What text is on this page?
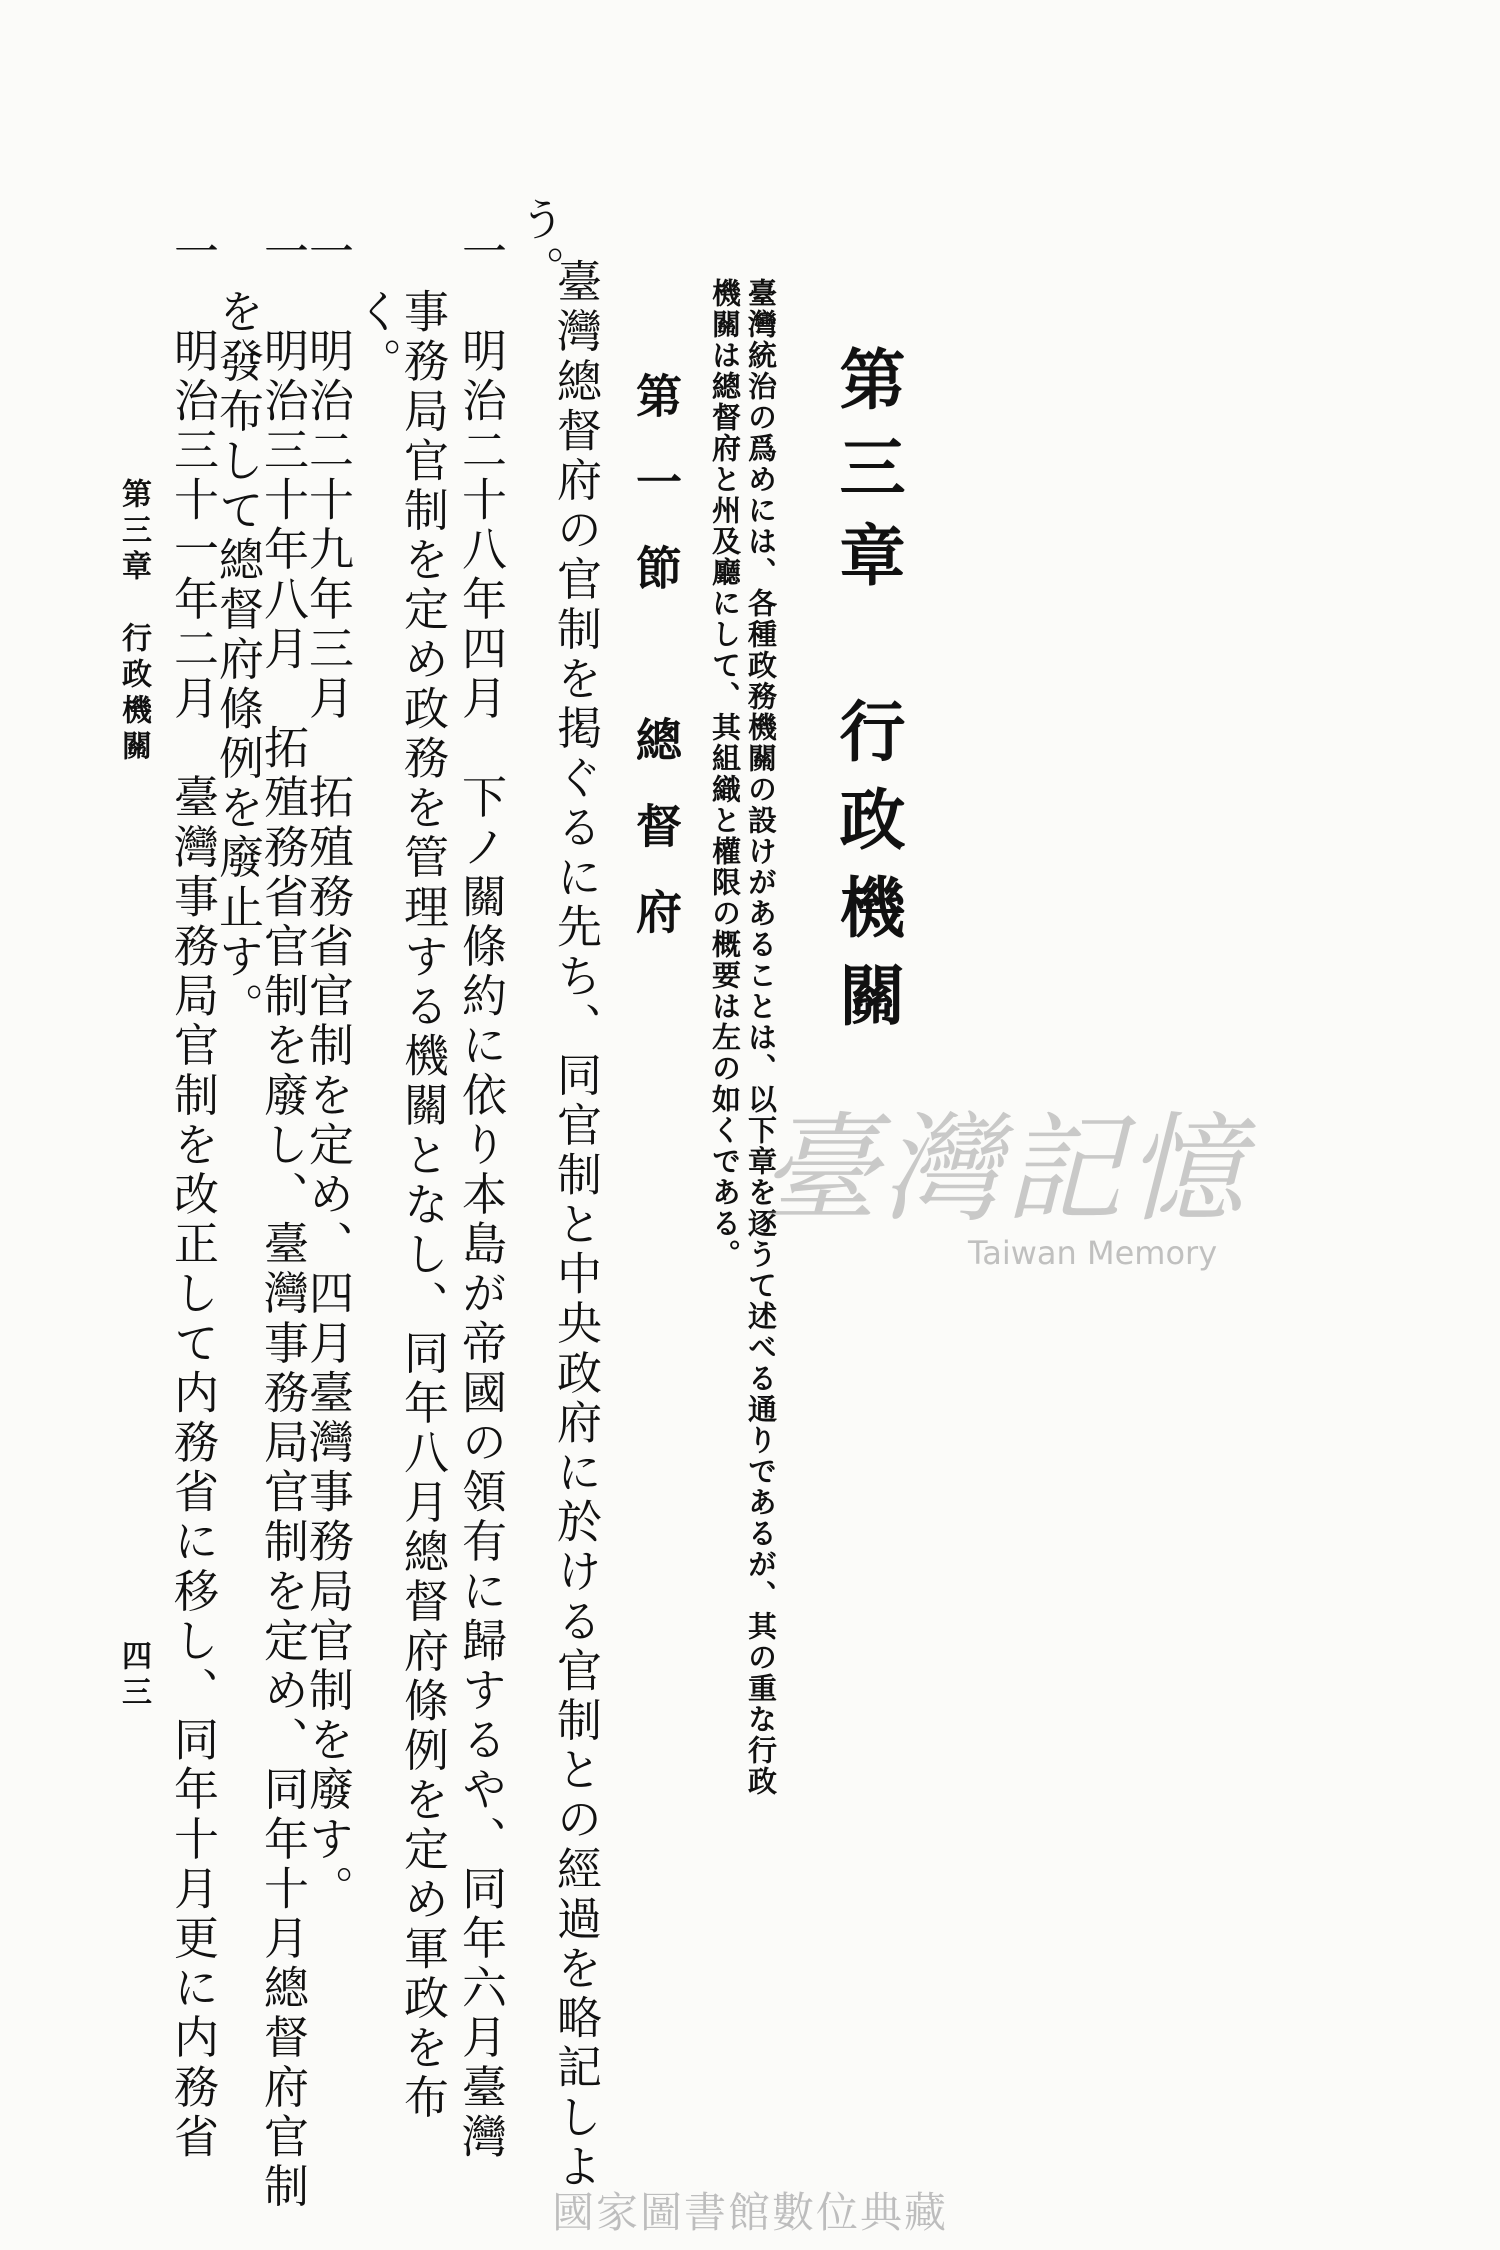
第三章　行政機關
臺灣統治の爲めには、各種政務機關の設けがあることは、以下章を逐うて述べる通りであるが、其の重な行政
機關は總督府と州及廳にして、其組織と權限の概要は左の如くである。
第一節　總督府
臺灣總督府の官制を掲ぐるに先ち、同官制と中央政府に於ける官制との經過を略記しよ
う。
一　明治二十八年四月　下ノ關條約に依り本島が帝國の領有に歸するや、同年六月臺灣
事務局官制を定め政務を管理する機關となし、同年八月總督府條例を定め軍政を布
く。
一　明治二十九年三月　拓殖務省官制を定め、四月臺灣事務局官制を廢す。
一　明治三十年八月　拓殖務省官制を廢し、臺灣事務局官制を定め、同年十月總督府官制
を發布して總督府條例を廢止す。
一　明治三十一年二月　臺灣事務局官制を改正して内務省に移し、同年十月更に内務省
第三章　行政機關
四三
臺灣記憶
Taiwan Memory
國家圖書館數位典藏
